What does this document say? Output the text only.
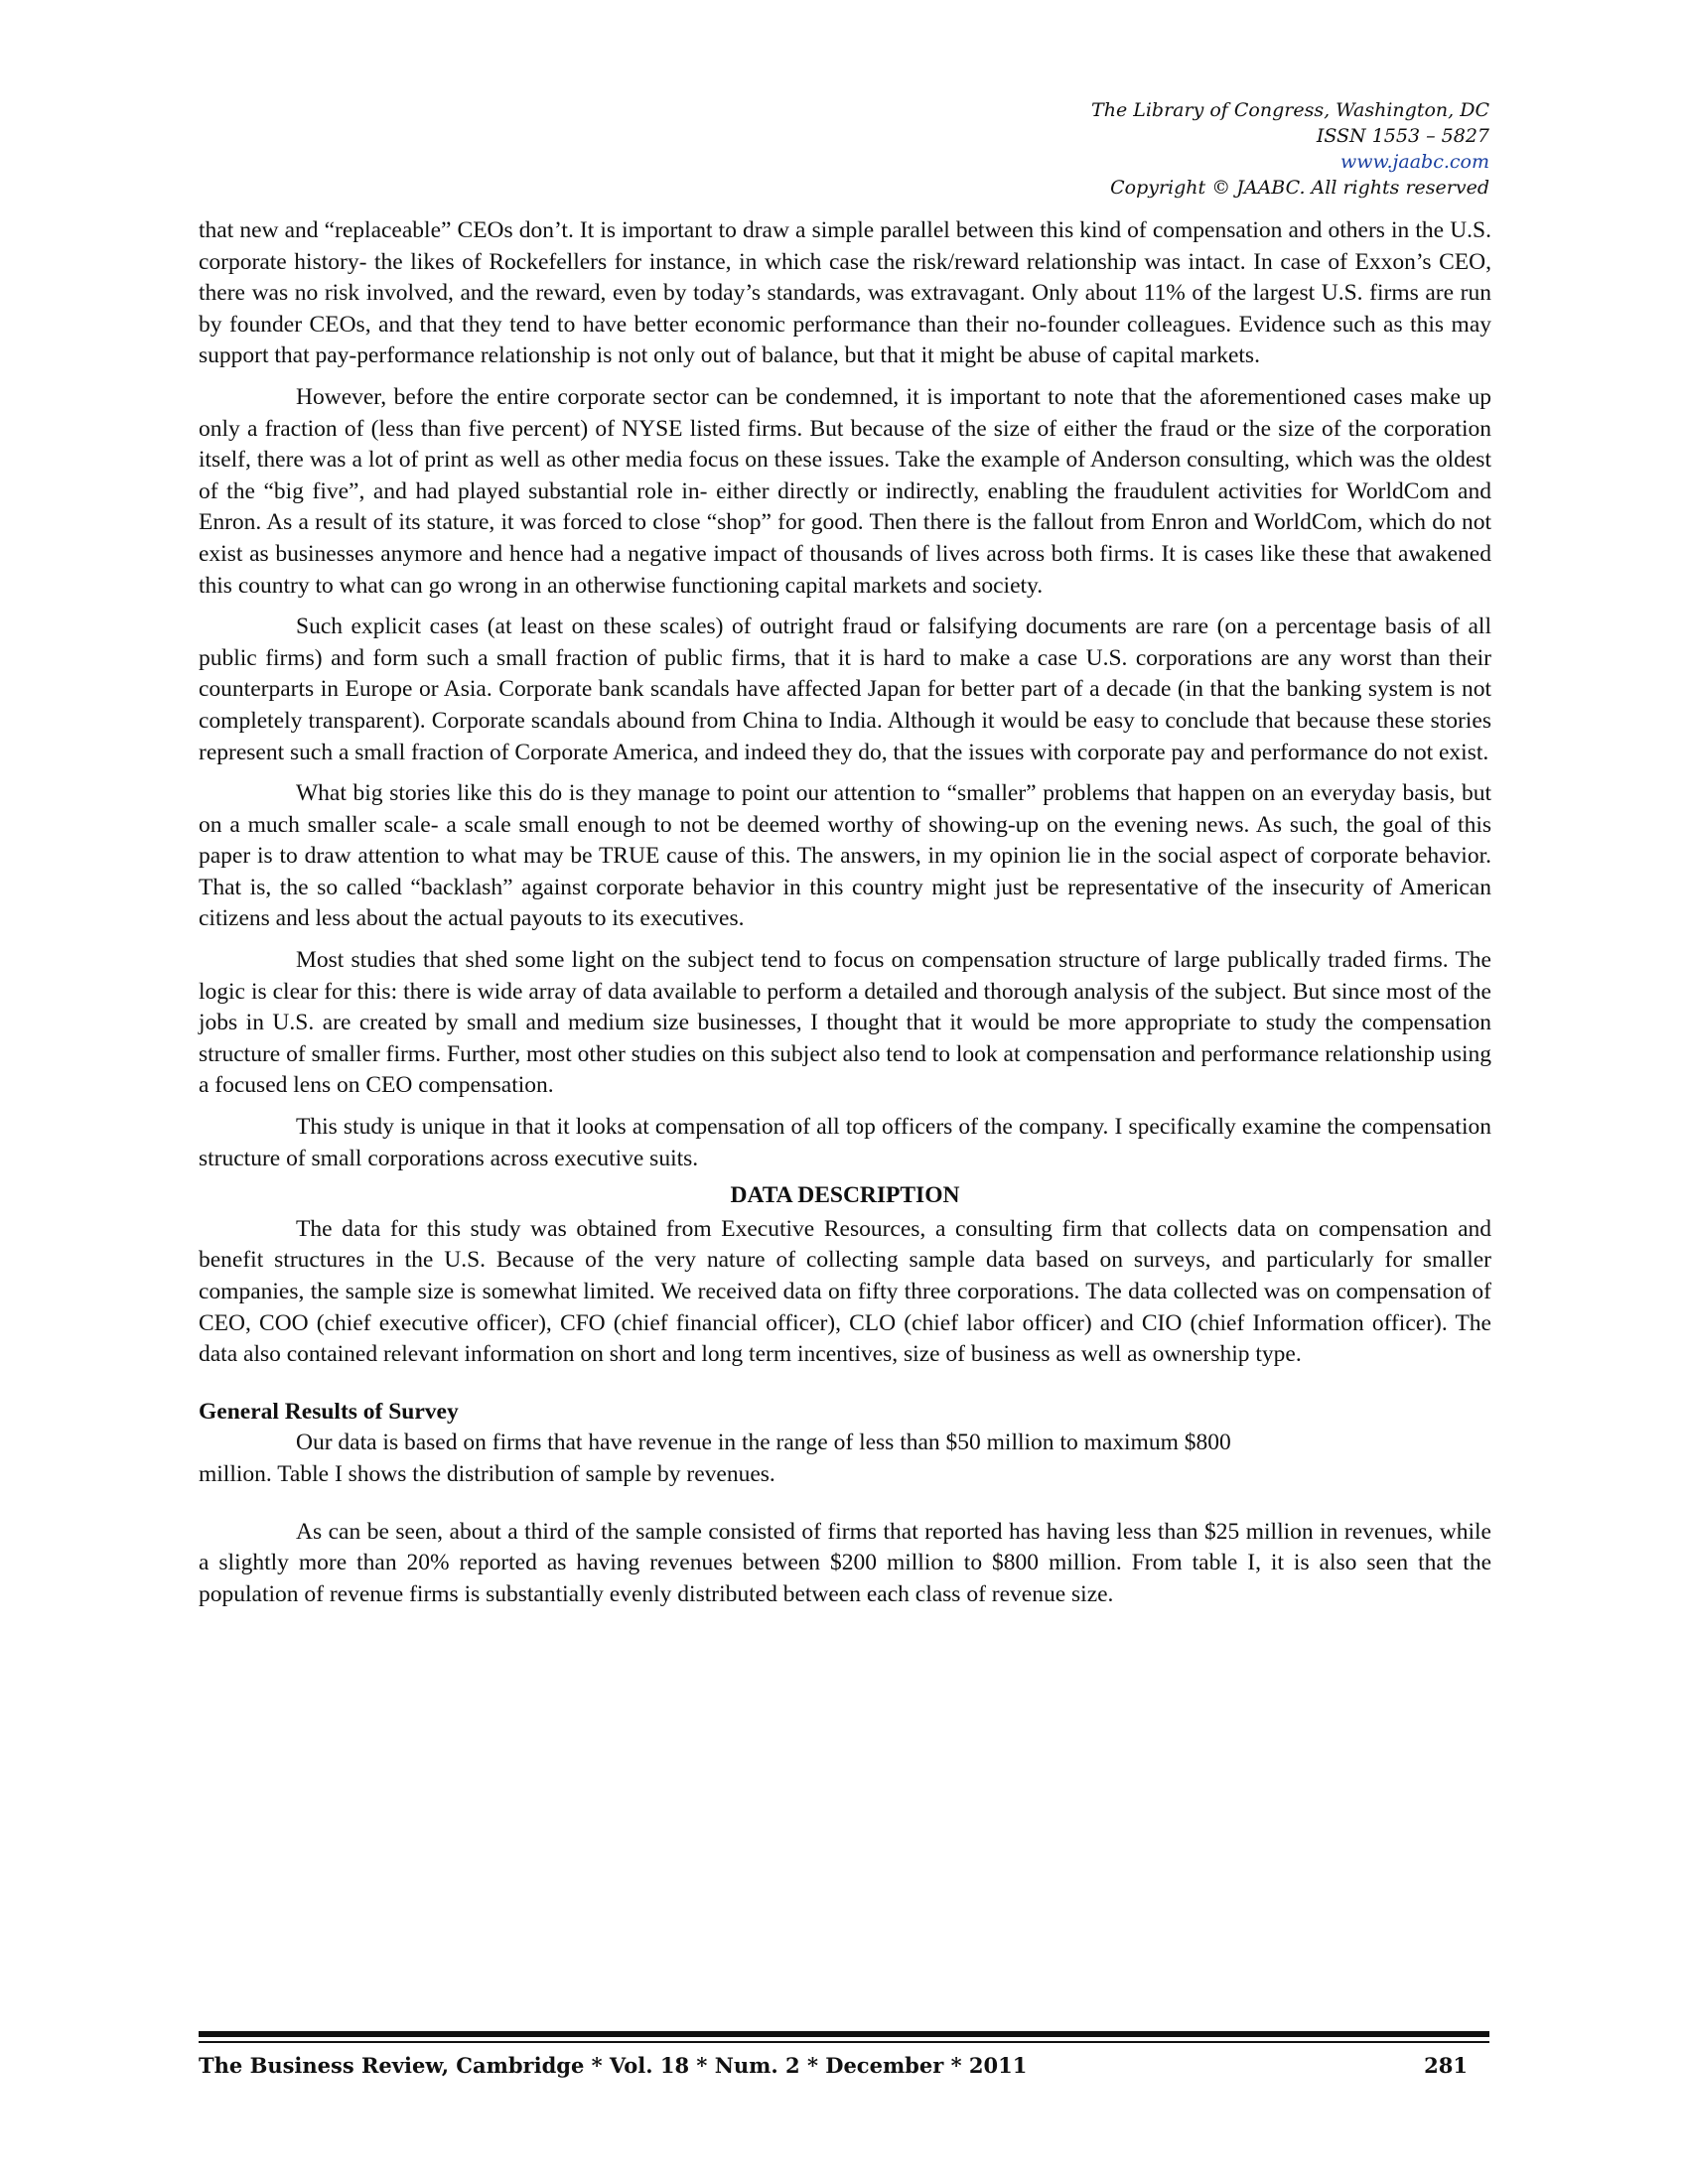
The Library of Congress, Washington, DC
ISSN 1553 – 5827
www.jaabc.com
Copyright © JAABC. All rights reserved

that new and “replaceable” CEOs don’t. It is important to draw a simple parallel between this kind of compensation and others in the U.S. corporate history- the likes of Rockefellers for instance, in which case the risk/reward relationship was intact. In case of Exxon’s CEO, there was no risk involved, and the reward, even by today’s standards, was extravagant. Only about 11% of the largest U.S. firms are run by founder CEOs, and that they tend to have better economic performance than their no-founder colleagues. Evidence such as this may support that pay-performance relationship is not only out of balance, but that it might be abuse of capital markets.

However, before the entire corporate sector can be condemned, it is important to note that the aforementioned cases make up only a fraction of (less than five percent) of NYSE listed firms. But because of the size of either the fraud or the size of the corporation itself, there was a lot of print as well as other media focus on these issues. Take the example of Anderson consulting, which was the oldest of the “big five”, and had played substantial role in- either directly or indirectly, enabling the fraudulent activities for WorldCom and Enron. As a result of its stature, it was forced to close “shop” for good. Then there is the fallout from Enron and WorldCom, which do not exist as businesses anymore and hence had a negative impact of thousands of lives across both firms. It is cases like these that awakened this country to what can go wrong in an otherwise functioning capital markets and society.

Such explicit cases (at least on these scales) of outright fraud or falsifying documents are rare (on a percentage basis of all public firms) and form such a small fraction of public firms, that it is hard to make a case U.S. corporations are any worst than their counterparts in Europe or Asia. Corporate bank scandals have affected Japan for better part of a decade (in that the banking system is not completely transparent). Corporate scandals abound from China to India. Although it would be easy to conclude that because these stories represent such a small fraction of Corporate America, and indeed they do, that the issues with corporate pay and performance do not exist.

What big stories like this do is they manage to point our attention to “smaller” problems that happen on an everyday basis, but on a much smaller scale- a scale small enough to not be deemed worthy of showing-up on the evening news. As such, the goal of this paper is to draw attention to what may be TRUE cause of this. The answers, in my opinion lie in the social aspect of corporate behavior. That is, the so called “backlash” against corporate behavior in this country might just be representative of the insecurity of American citizens and less about the actual payouts to its executives.

Most studies that shed some light on the subject tend to focus on compensation structure of large publically traded firms. The logic is clear for this: there is wide array of data available to perform a detailed and thorough analysis of the subject. But since most of the jobs in U.S. are created by small and medium size businesses, I thought that it would be more appropriate to study the compensation structure of smaller firms. Further, most other studies on this subject also tend to look at compensation and performance relationship using a focused lens on CEO compensation.

This study is unique in that it looks at compensation of all top officers of the company. I specifically examine the compensation structure of small corporations across executive suits.

DATA DESCRIPTION

The data for this study was obtained from Executive Resources, a consulting firm that collects data on compensation and benefit structures in the U.S. Because of the very nature of collecting sample data based on surveys, and particularly for smaller companies, the sample size is somewhat limited. We received data on fifty three corporations. The data collected was on compensation of CEO, COO (chief executive officer), CFO (chief financial officer), CLO (chief labor officer) and CIO (chief Information officer). The data also contained relevant information on short and long term incentives, size of business as well as ownership type.

General Results of Survey
Our data is based on firms that have revenue in the range of less than $50 million to maximum $800
million. Table I shows the distribution of sample by revenues.

As can be seen, about a third of the sample consisted of firms that reported has having less than $25 million in revenues, while a slightly more than 20% reported as having revenues between $200 million to $800 million. From table I, it is also seen that the population of revenue firms is substantially evenly distributed between each class of revenue size.

The Business Review, Cambridge * Vol. 18 * Num. 2 * December * 2011	281
